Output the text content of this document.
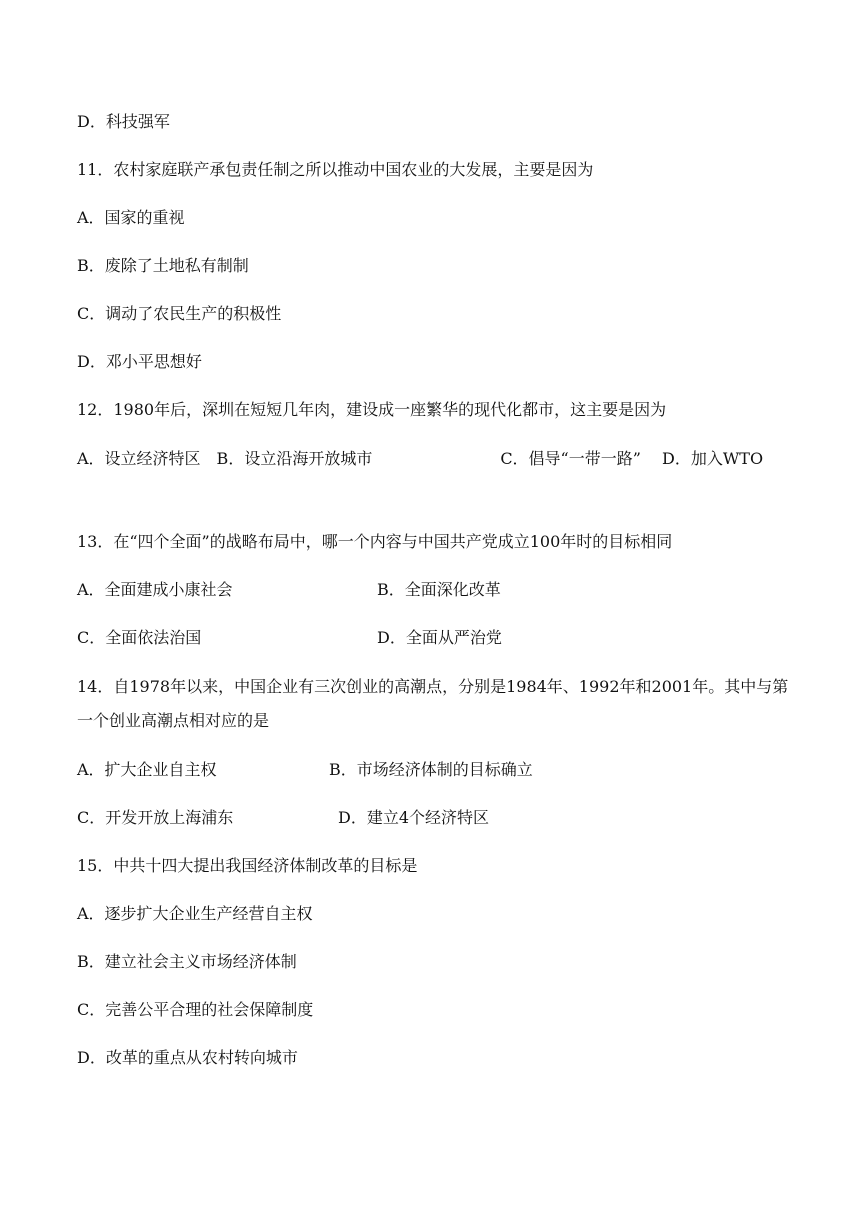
D．科技强军
11．农村家庭联产承包责任制之所以推动中国农业的大发展，主要是因为
A．国家的重视
B．废除了土地私有制制
C．调动了农民生产的积极性
D．邓小平思想好
12．1980年后，深圳在短短几年肉，建设成一座繁华的现代化都市，这主要是因为
A．设立经济特区　B．设立沿海开放城市　　　　　　　　C．倡导“一带一路”　 D．加入WTO
13．在“四个全面”的战略布局中，哪一个内容与中国共产党成立100年时的目标相同
A．全面建成小康社会	B．全面深化改革
C．全面依法治国	D．全面从严治党
14．自1978年以来，中国企业有三次创业的高潮点，分别是1984年、1992年和2001年。其中与第一个创业高潮点相对应的是
A．扩大企业自主权	B．市场经济体制的目标确立
C．开发开放上海浦东	D．建立4个经济特区
15．中共十四大提出我国经济体制改革的目标是
A．逐步扩大企业生产经营自主权
B．建立社会主义市场经济体制
C．完善公平合理的社会保障制度
D．改革的重点从农村转向城市
